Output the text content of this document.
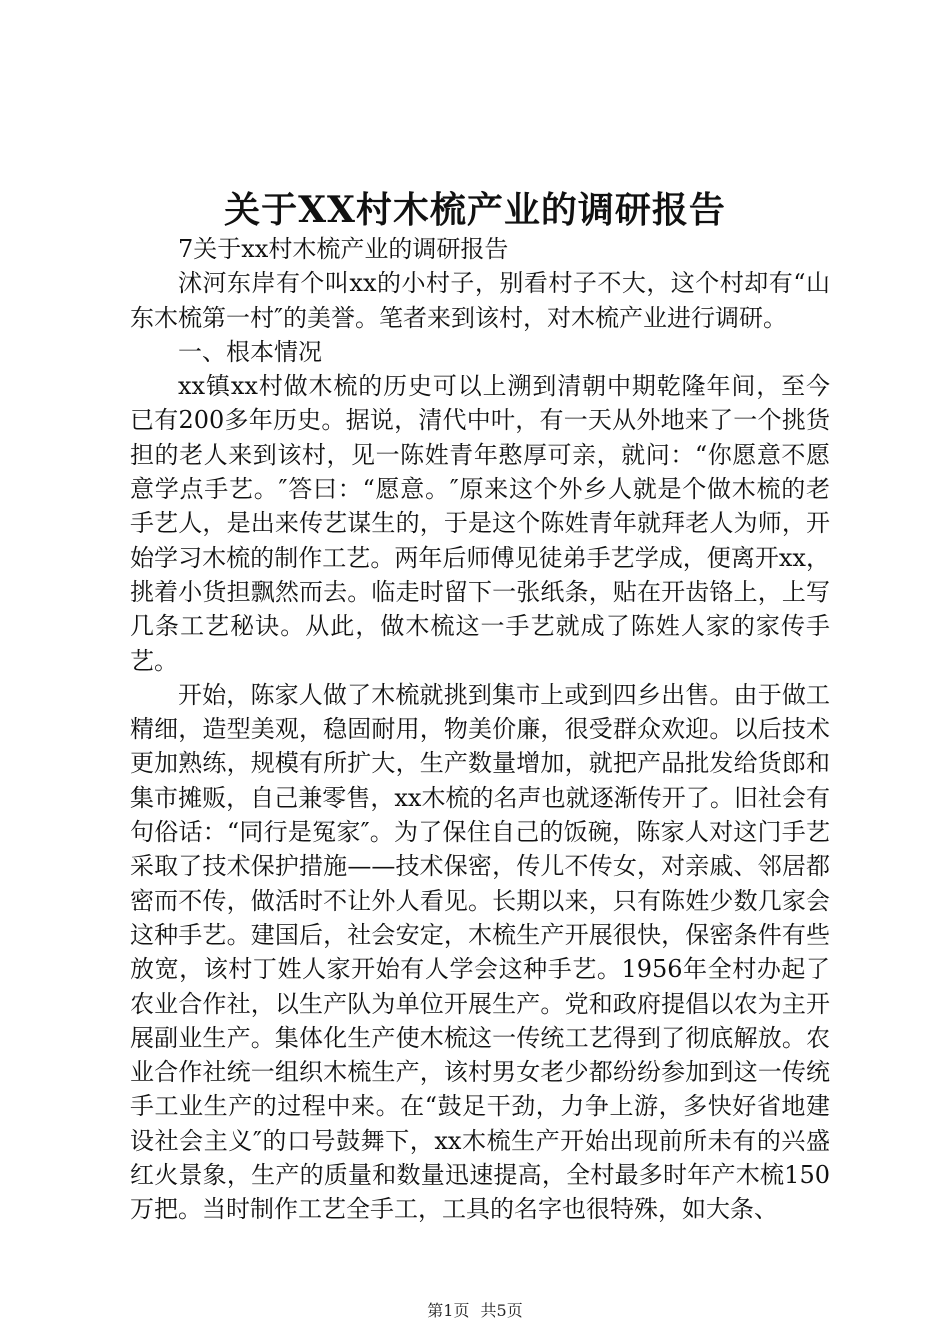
关于XX村木梳产业的调研报告

7关于xx村木梳产业的调研报告

沭河东岸有个叫xx的小村子，别看村子不大，这个村却有“山东木梳第一村″的美誉。笔者来到该村，对木梳产业进行调研。

一、根本情况

xx镇xx村做木梳的历史可以上溯到清朝中期乾隆年间，至今已有200多年历史。据说，清代中叶，有一天从外地来了一个挑货担的老人来到该村，见一陈姓青年憨厚可亲，就问：“你愿意不愿意学点手艺。″答曰：“愿意。″原来这个外乡人就是个做木梳的老手艺人，是出来传艺谋生的，于是这个陈姓青年就拜老人为师，开始学习木梳的制作工艺。两年后师傅见徒弟手艺学成，便离开xx，挑着小货担飘然而去。临走时留下一张纸条，贴在开齿铬上，上写几条工艺秘诀。从此，做木梳这一手艺就成了陈姓人家的家传手艺。

开始，陈家人做了木梳就挑到集市上或到四乡出售。由于做工精细，造型美观，稳固耐用，物美价廉，很受群众欢迎。以后技术更加熟练，规模有所扩大，生产数量增加，就把产品批发给货郎和集市摊贩，自己兼零售，xx木梳的名声也就逐渐传开了。旧社会有句俗话：“同行是冤家″。为了保住自己的饭碗，陈家人对这门手艺采取了技术保护措施——技术保密，传儿不传女，对亲戚、邻居都密而不传，做活时不让外人看见。长期以来，只有陈姓少数几家会这种手艺。建国后，社会安定，木梳生产开展很快，保密条件有些放宽，该村丁姓人家开始有人学会这种手艺。1956年全村办起了农业合作社，以生产队为单位开展生产。党和政府提倡以农为主开展副业生产。集体化生产使木梳这一传统工艺得到了彻底解放。农业合作社统一组织木梳生产，该村男女老少都纷纷参加到这一传统手工业生产的过程中来。在“鼓足干劲，力争上游，多快好省地建设社会主义″的口号鼓舞下，xx木梳生产开始出现前所未有的兴盛红火景象，生产的质量和数量迅速提高，全村最多时年产木梳150万把。当时制作工艺全手工，工具的名字也很特殊，如大条、

第1页 共5页
